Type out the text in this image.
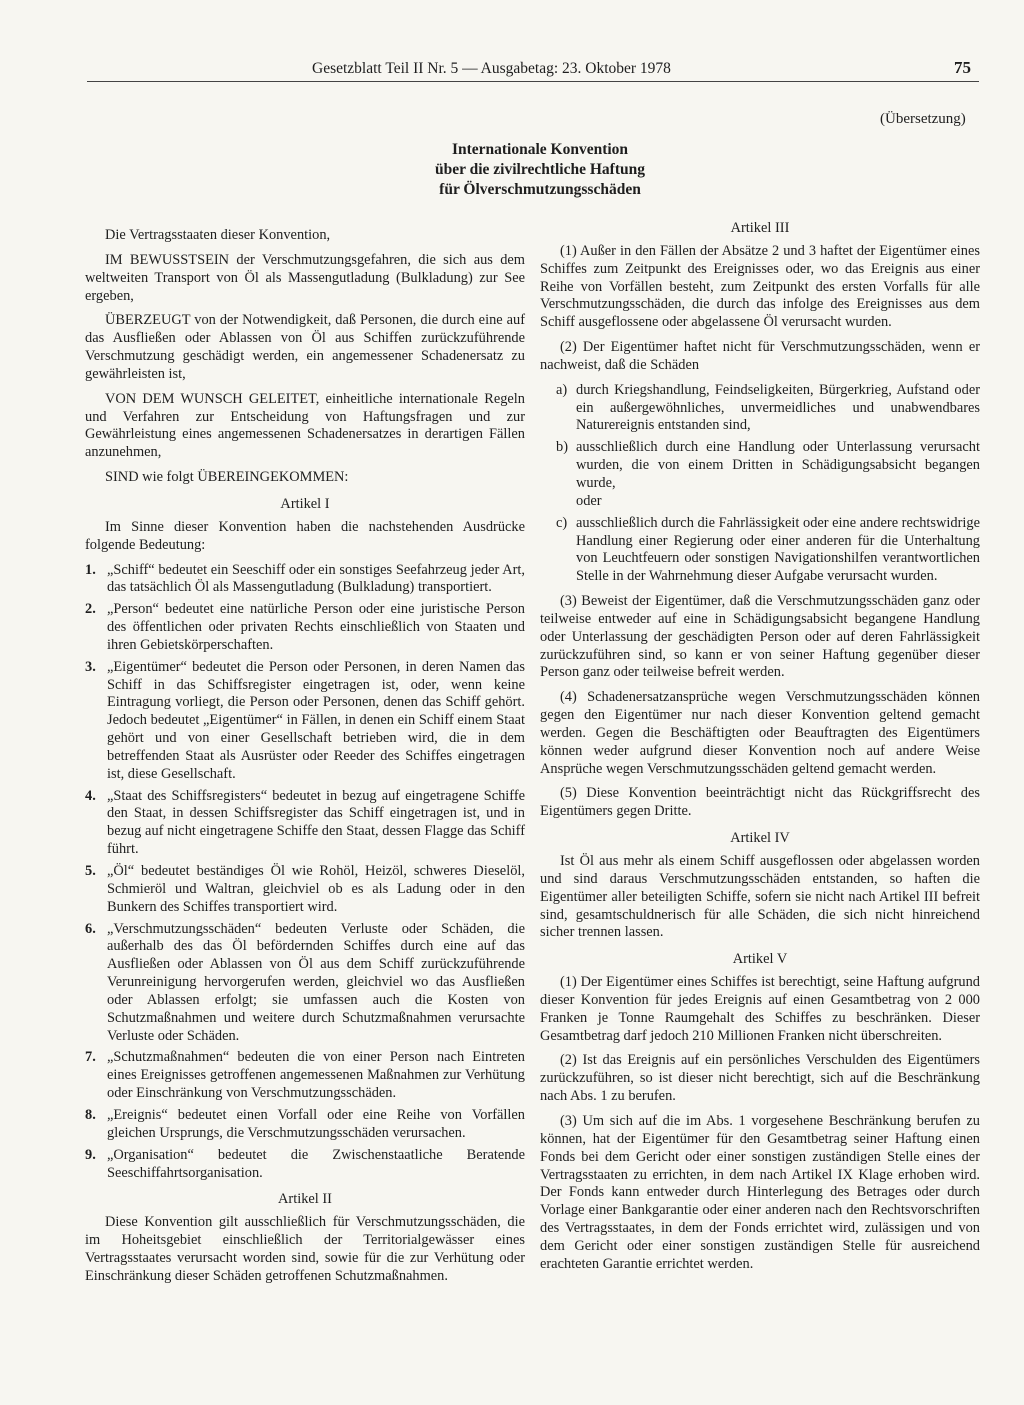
Gesetzblatt Teil II Nr. 5 — Ausgabetag: 23. Oktober 1978	75
(Übersetzung)
Internationale Konvention
über die zivilrechtliche Haftung
für Ölverschmutzungsschäden

Die Vertragsstaaten dieser Konvention,

IM BEWUSSTSEIN der Verschmutzungsgefahren, die sich aus dem weltweiten Transport von Öl als Massengutladung (Bulkladung) zur See ergeben,

ÜBERZEUGT von der Notwendigkeit, daß Personen, die durch eine auf das Ausfließen oder Ablassen von Öl aus Schiffen zurückzuführende Verschmutzung geschädigt werden, ein angemessener Schadenersatz zu gewährleisten ist,

VON DEM WUNSCH GELEITET, einheitliche internationale Regeln und Verfahren zur Entscheidung von Haftungsfragen und zur Gewährleistung eines angemessenen Schadenersatzes in derartigen Fällen anzunehmen,

SIND wie folgt ÜBEREINGEKOMMEN:

Artikel I

Im Sinne dieser Konvention haben die nachstehenden Ausdrücke folgende Bedeutung:

1. „Schiff“ bedeutet ein Seeschiff oder ein sonstiges Seefahrzeug jeder Art, das tatsächlich Öl als Massengutladung (Bulkladung) transportiert.
2. „Person“ bedeutet eine natürliche Person oder eine juristische Person des öffentlichen oder privaten Rechts einschließlich von Staaten und ihren Gebietskörperschaften.
3. „Eigentümer“ bedeutet die Person oder Personen, in deren Namen das Schiff in das Schiffsregister eingetragen ist, oder, wenn keine Eintragung vorliegt, die Person oder Personen, denen das Schiff gehört. Jedoch bedeutet „Eigentümer“ in Fällen, in denen ein Schiff einem Staat gehört und von einer Gesellschaft betrieben wird, die in dem betreffenden Staat als Ausrüster oder Reeder des Schiffes eingetragen ist, diese Gesellschaft.
4. „Staat des Schiffsregisters“ bedeutet in bezug auf eingetragene Schiffe den Staat, in dessen Schiffsregister das Schiff eingetragen ist, und in bezug auf nicht eingetragene Schiffe den Staat, dessen Flagge das Schiff führt.
5. „Öl“ bedeutet beständiges Öl wie Rohöl, Heizöl, schweres Dieselöl, Schmieröl und Waltran, gleichviel ob es als Ladung oder in den Bunkern des Schiffes transportiert wird.
6. „Verschmutzungsschäden“ bedeuten Verluste oder Schäden, die außerhalb des das Öl befördernden Schiffes durch eine auf das Ausfließen oder Ablassen von Öl aus dem Schiff zurückzuführende Verunreinigung hervorgerufen werden, gleichviel wo das Ausfließen oder Ablassen erfolgt; sie umfassen auch die Kosten von Schutzmaßnahmen und weitere durch Schutzmaßnahmen verursachte Verluste oder Schäden.
7. „Schutzmaßnahmen“ bedeuten die von einer Person nach Eintreten eines Ereignisses getroffenen angemessenen Maßnahmen zur Verhütung oder Einschränkung von Verschmutzungsschäden.
8. „Ereignis“ bedeutet einen Vorfall oder eine Reihe von Vorfällen gleichen Ursprungs, die Verschmutzungsschäden verursachen.
9. „Organisation“ bedeutet die Zwischenstaatliche Beratende Seeschiffahrtsorganisation.
Artikel II

Diese Konvention gilt ausschließlich für Verschmutzungsschäden, die im Hoheitsgebiet einschließlich der Territorialgewässer eines Vertragsstaates verursacht worden sind, sowie für die zur Verhütung oder Einschränkung dieser Schäden getroffenen Schutzmaßnahmen.

Artikel III

(1) Außer in den Fällen der Absätze 2 und 3 haftet der Eigentümer eines Schiffes zum Zeitpunkt des Ereignisses oder, wo das Ereignis aus einer Reihe von Vorfällen besteht, zum Zeitpunkt des ersten Vorfalls für alle Verschmutzungsschäden, die durch das infolge des Ereignisses aus dem Schiff ausgeflossene oder abgelassene Öl verursacht wurden.

(2) Der Eigentümer haftet nicht für Verschmutzungsschäden, wenn er nachweist, daß die Schäden

a) durch Kriegshandlung, Feindseligkeiten, Bürgerkrieg, Aufstand oder ein außergewöhnliches, unvermeidliches und unabwendbares Naturereignis entstanden sind,
b) ausschließlich durch eine Handlung oder Unterlassung verursacht wurden, die von einem Dritten in Schädigungsabsicht begangen wurde,
oder
c) ausschließlich durch die Fahrlässigkeit oder eine andere rechtswidrige Handlung einer Regierung oder einer anderen für die Unterhaltung von Leuchtfeuern oder sonstigen Navigationshilfen verantwortlichen Stelle in der Wahrnehmung dieser Aufgabe verursacht wurden.

(3) Beweist der Eigentümer, daß die Verschmutzungsschäden ganz oder teilweise entweder auf eine in Schädigungsabsicht begangene Handlung oder Unterlassung der geschädigten Person oder auf deren Fahrlässigkeit zurückzuführen sind, so kann er von seiner Haftung gegenüber dieser Person ganz oder teilweise befreit werden.

(4) Schadenersatzansprüche wegen Verschmutzungsschäden können gegen den Eigentümer nur nach dieser Konvention geltend gemacht werden. Gegen die Beschäftigten oder Beauftragten des Eigentümers können weder aufgrund dieser Konvention noch auf andere Weise Ansprüche wegen Verschmutzungsschäden geltend gemacht werden.

(5) Diese Konvention beeinträchtigt nicht das Rückgriffsrecht des Eigentümers gegen Dritte.

Artikel IV

Ist Öl aus mehr als einem Schiff ausgeflossen oder abgelassen worden und sind daraus Verschmutzungsschäden entstanden, so haften die Eigentümer aller beteiligten Schiffe, sofern sie nicht nach Artikel III befreit sind, gesamtschuldnerisch für alle Schäden, die sich nicht hinreichend sicher trennen lassen.

Artikel V

(1) Der Eigentümer eines Schiffes ist berechtigt, seine Haftung aufgrund dieser Konvention für jedes Ereignis auf einen Gesamtbetrag von 2 000 Franken je Tonne Raumgehalt des Schiffes zu beschränken. Dieser Gesamtbetrag darf jedoch 210 Millionen Franken nicht überschreiten.

(2) Ist das Ereignis auf ein persönliches Verschulden des Eigentümers zurückzuführen, so ist dieser nicht berechtigt, sich auf die Beschränkung nach Abs. 1 zu berufen.

(3) Um sich auf die im Abs. 1 vorgesehene Beschränkung berufen zu können, hat der Eigentümer für den Gesamtbetrag seiner Haftung einen Fonds bei dem Gericht oder einer sonstigen zuständigen Stelle eines der Vertragsstaaten zu errichten, in dem nach Artikel IX Klage erhoben wird. Der Fonds kann entweder durch Hinterlegung des Betrages oder durch Vorlage einer Bankgarantie oder einer anderen nach den Rechtsvorschriften des Vertragsstaates, in dem der Fonds errichtet wird, zulässigen und von dem Gericht oder einer sonstigen zuständigen Stelle für ausreichend erachteten Garantie errichtet werden.
